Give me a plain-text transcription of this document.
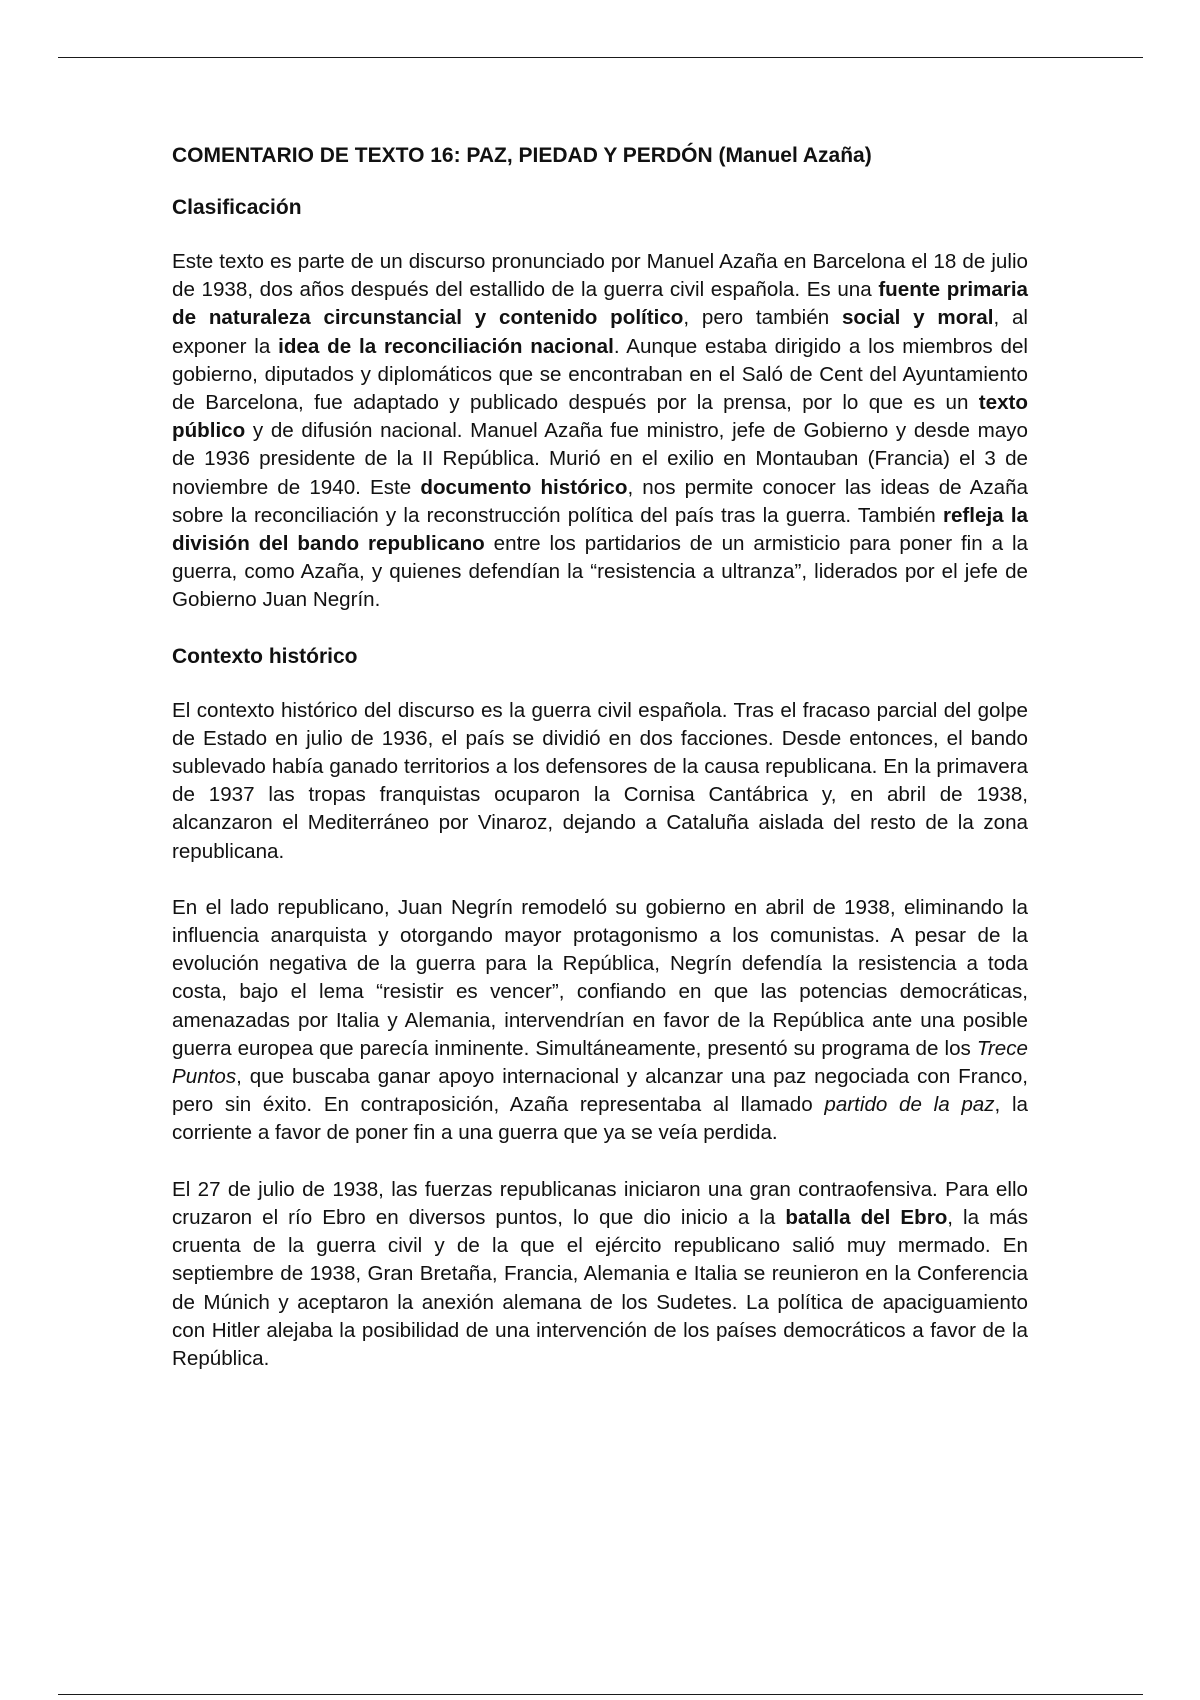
COMENTARIO DE TEXTO 16: PAZ, PIEDAD Y PERDÓN (Manuel Azaña)
Clasificación

Este texto es parte de un discurso pronunciado por Manuel Azaña en Barcelona el 18 de julio de 1938, dos años después del estallido de la guerra civil española. Es una fuente primaria de naturaleza circunstancial y contenido político, pero también social y moral, al exponer la idea de la reconciliación nacional. Aunque estaba dirigido a los miembros del gobierno, diputados y diplomáticos que se encontraban en el Saló de Cent del Ayuntamiento de Barcelona, fue adaptado y publicado después por la prensa, por lo que es un texto público y de difusión nacional. Manuel Azaña fue ministro, jefe de Gobierno y desde mayo de 1936 presidente de la II República. Murió en el exilio en Montauban (Francia) el 3 de noviembre de 1940. Este documento histórico, nos permite conocer las ideas de Azaña sobre la reconciliación y la reconstrucción política del país tras la guerra. También refleja la división del bando republicano entre los partidarios de un armisticio para poner fin a la guerra, como Azaña, y quienes defendían la “resistencia a ultranza”, liderados por el jefe de Gobierno Juan Negrín.

Contexto histórico

El contexto histórico del discurso es la guerra civil española. Tras el fracaso parcial del golpe de Estado en julio de 1936, el país se dividió en dos facciones. Desde entonces, el bando sublevado había ganado territorios a los defensores de la causa republicana. En la primavera de 1937 las tropas franquistas ocuparon la Cornisa Cantábrica y, en abril de 1938, alcanzaron el Mediterráneo por Vinaroz, dejando a Cataluña aislada del resto de la zona republicana.

En el lado republicano, Juan Negrín remodeló su gobierno en abril de 1938, eliminando la influencia anarquista y otorgando mayor protagonismo a los comunistas. A pesar de la evolución negativa de la guerra para la República, Negrín defendía la resistencia a toda costa, bajo el lema “resistir es vencer”, confiando en que las potencias democráticas, amenazadas por Italia y Alemania, intervendrían en favor de la República ante una posible guerra europea que parecía inminente. Simultáneamente, presentó su programa de los Trece Puntos, que buscaba ganar apoyo internacional y alcanzar una paz negociada con Franco, pero sin éxito. En contraposición, Azaña representaba al llamado partido de la paz, la corriente a favor de poner fin a una guerra que ya se veía perdida.

El 27 de julio de 1938, las fuerzas republicanas iniciaron una gran contraofensiva. Para ello cruzaron el río Ebro en diversos puntos, lo que dio inicio a la batalla del Ebro, la más cruenta de la guerra civil y de la que el ejército republicano salió muy mermado. En septiembre de 1938, Gran Bretaña, Francia, Alemania e Italia se reunieron en la Conferencia de Múnich y aceptaron la anexión alemana de los Sudetes. La política de apaciguamiento con Hitler alejaba la posibilidad de una intervención de los países democráticos a favor de la República.
